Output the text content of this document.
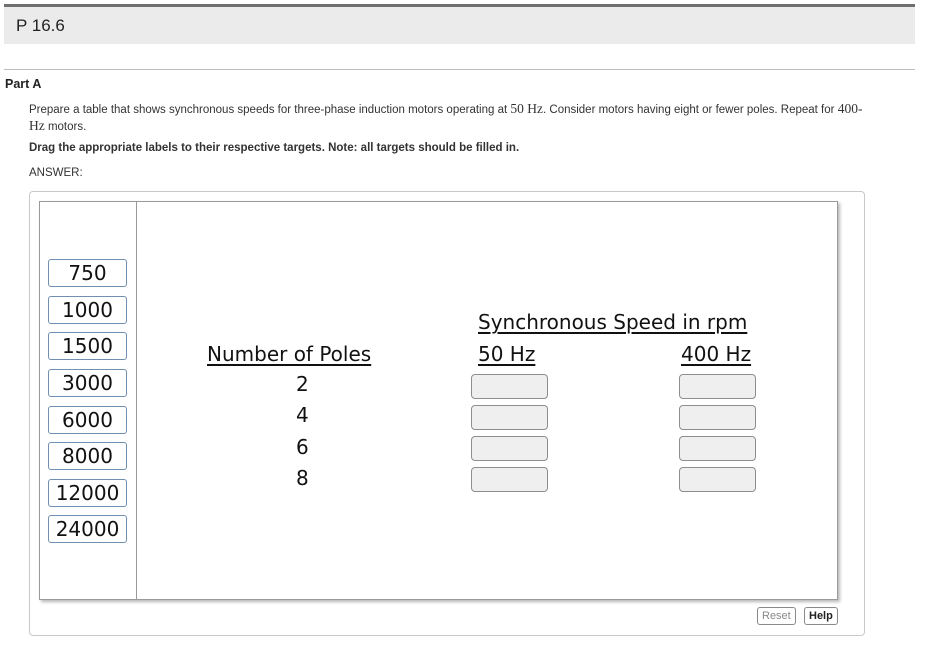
P 16.6
Part A
Prepare a table that shows synchronous speeds for three-phase induction motors operating at 50 Hz. Consider motors having eight or fewer poles. Repeat for 400-
Hz motors.
Drag the appropriate labels to their respective targets. Note: all targets should be filled in.
ANSWER:
750
1000
1500
3000
6000
8000
12000
24000
Number of Poles
2
4
6
8
Synchronous Speed in rpm
50 Hz	400 Hz
Reset	Help
